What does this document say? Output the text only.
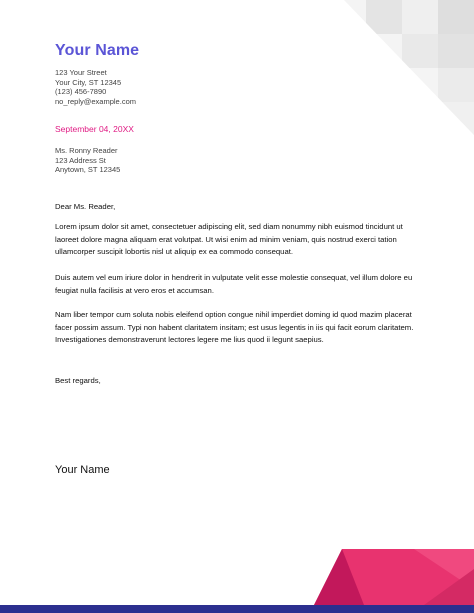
Your Name
123 Your Street
Your City, ST 12345
(123) 456-7890
no_reply@example.com
September 04, 20XX
Ms. Ronny Reader
123 Address St
Anytown, ST 12345
Dear Ms. Reader,
Lorem ipsum dolor sit amet, consectetuer adipiscing elit, sed diam nonummy nibh euismod tincidunt ut laoreet dolore magna aliquam erat volutpat. Ut wisi enim ad minim veniam, quis nostrud exerci tation ullamcorper suscipit lobortis nisl ut aliquip ex ea commodo consequat.
Duis autem vel eum iriure dolor in hendrerit in vulputate velit esse molestie consequat, vel illum dolore eu feugiat nulla facilisis at vero eros et accumsan.
Nam liber tempor cum soluta nobis eleifend option congue nihil imperdiet doming id quod mazim placerat facer possim assum. Typi non habent claritatem insitam; est usus legentis in iis qui facit eorum claritatem. Investigationes demonstraverunt lectores legere me lius quod ii legunt saepius.
Best regards,
Your Name
